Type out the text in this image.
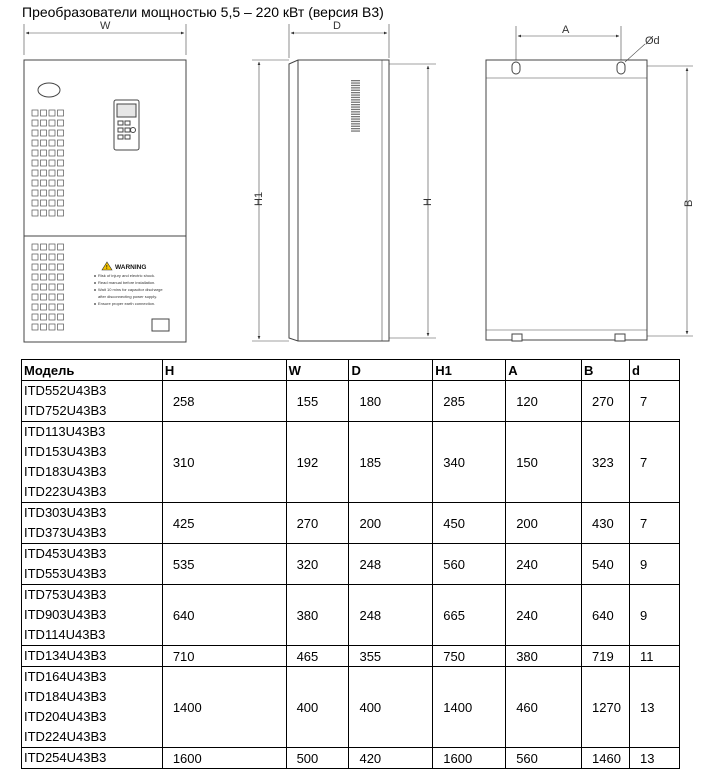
Преобразователи мощностью 5,5 – 220 кВт (версия В3)
! WARNING
Risk of injury and electric shock.
Read manual before installation.
Wait 10 mins for capacitor discharge
after disconnecting power supply.
Ensure proper earth connection.
W	D
H1	H
A
Ød
B
Модель	H	W	D	H1	A	B	d

ITD552U43B3
ITD752U43B3	258	155	180	285	120	270	7

ITD113U43B3
ITD153U43B3
ITD183U43B3
ITD223U43B3	310	192	185	340	150	323	7

ITD303U43B3
ITD373U43B3	425	270	200	450	200	430	7

ITD453U43B3
ITD553U43B3	535	320	248	560	240	540	9

ITD753U43B3
ITD903U43B3
ITD114U43B3	640	380	248	665	240	640	9

ITD134U43B3	710	465	355	750	380	719	11

ITD164U43B3
ITD184U43B3
ITD204U43B3
ITD224U43B3	1400	400	400	1400	460	1270	13

ITD254U43B3	1600	500	420	1600	560	1460	13
